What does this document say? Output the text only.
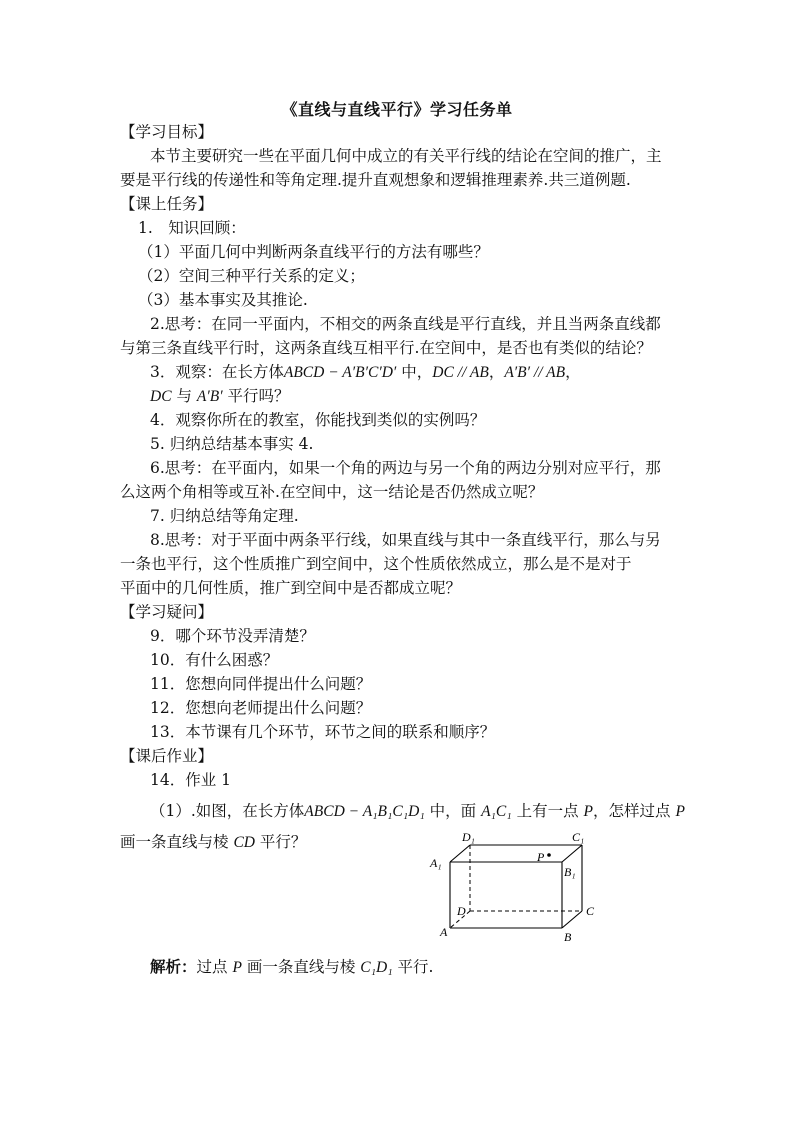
《直线与直线平行》学习任务单
【学习目标】
本节主要研究一些在平面几何中成立的有关平行线的结论在空间的推广，主
要是平行线的传递性和等角定理.提升直观想象和逻辑推理素养.共三道例题.
【课上任务】
1.　知识回顾：
（1）平面几何中判断两条直线平行的方法有哪些？
（2）空间三种平行关系的定义；
（3）基本事实及其推论.
2.思考：在同一平面内，不相交的两条直线是平行直线，并且当两条直线都
与第三条直线平行时，这两条直线互相平行.在空间中，是否也有类似的结论？
3．观察：在长方体ABCD − A′B′C′D′ 中，DC // AB，A′B′ // AB，
DC 与 A′B′ 平行吗？
4．观察你所在的教室，你能找到类似的实例吗？
5. 归纳总结基本事实 4.
6.思考：在平面内，如果一个角的两边与另一个角的两边分别对应平行，那
么这两个角相等或互补.在空间中，这一结论是否仍然成立呢？
7. 归纳总结等角定理.
8.思考：对于平面中两条平行线，如果直线与其中一条直线平行，那么与另
一条也平行，这个性质推广到空间中，这个性质依然成立，那么是不是对于
平面中的几何性质，推广到空间中是否都成立呢？
【学习疑问】
9．哪个环节没弄清楚？
10．有什么困惑？
11．您想向同伴提出什么问题？
12．您想向老师提出什么问题？
13．本节课有几个环节，环节之间的联系和顺序？
【课后作业】
14．作业 1
（1）.如图，在长方体ABCD − A₁B₁C₁D₁ 中，面 A₁C₁ 上有一点 P，怎样过点 P
画一条直线与棱 CD 平行？	D₁	C₁
A₁
B₁
P
D	C
A	B
解析：过点 P 画一条直线与棱 C₁D₁ 平行.
